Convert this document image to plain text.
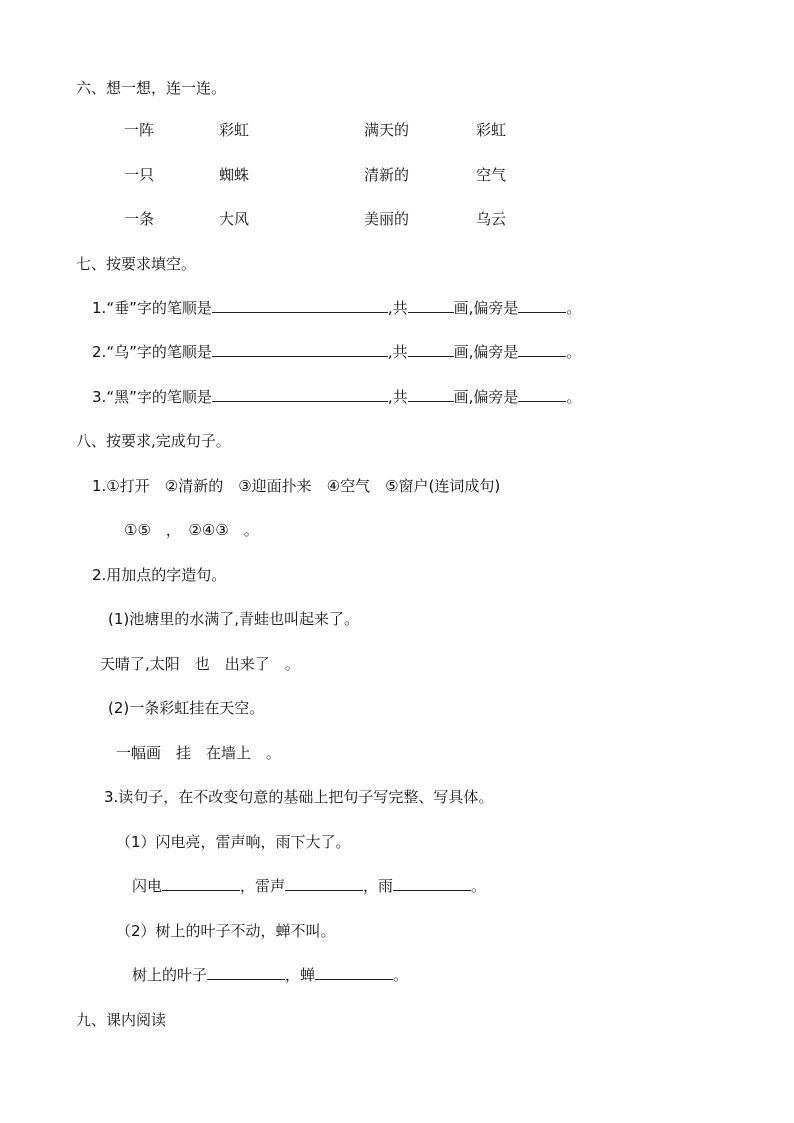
六、想一想，连一连。
一阵	彩虹	满天的	彩虹
一只	蜘蛛	清新的	空气
一条	大风	美丽的	乌云
七、按要求填空。
1.“垂”字的笔顺是	,共	画,偏旁是	。
2.“乌”字的笔顺是	,共	画,偏旁是	。
3.“黑”字的笔顺是	,共	画,偏旁是	。
八、按要求,完成句子。
1.①打开　②清新的　③迎面扑来　④空气　⑤窗户(连词成句)
①⑤　，　②④③　。
2.用加点的字造句。
(1)池塘里的水满了,青蛙也叫起来了。
天晴了,太阳　也　出来了　。
(2)一条彩虹挂在天空。
一幅画　挂　在墙上　。
3.读句子，在不改变句意的基础上把句子写完整、写具体。
（1）闪电亮，雷声响，雨下大了。
闪电	，雷声	，雨	。
（2）树上的叶子不动，蝉不叫。
树上的叶子	，蝉	。
九、课内阅读
